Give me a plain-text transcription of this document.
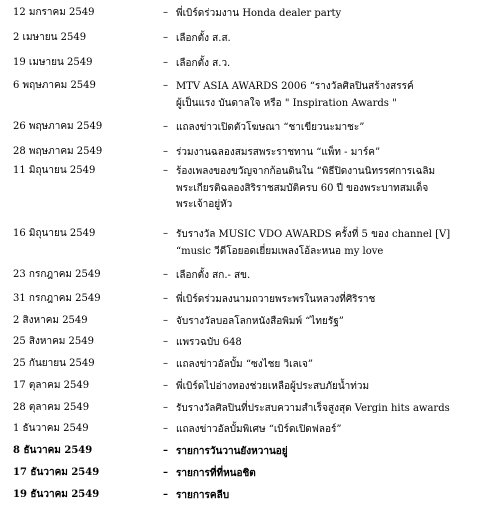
12 มกราคม 2549	– พี่เบิร์ดร่วมงาน Honda dealer party
2 เมษายน 2549	– เลือกตั้ง ส.ส.
19 เมษายน 2549	– เลือกตั้ง ส.ว.
6 พฤษภาคม 2549	– MTV ASIA AWARDS 2006 “รางวัลศิลปินสร้างสรรค์
ผู้เป็นแรง บันดาลใจ หรือ " Inspiration Awards "
26 พฤษภาคม 2549	– แถลงข่าวเปิดตัวโฆษณา “ชาเขียวนะมาชะ”
28 พฤษภาคม 2549	– ร่วมงานฉลองสมรสพระราชทาน “แพ็ท - มาร์ค”
11 มิถุนายน 2549	– ร้องเพลงของขวัญจากก้อนดินใน “พิธีปิดงานนิทรรศการเฉลิม
พระเกียรติฉลองสิริราชสมบัติครบ 60 ปี ของพระบาทสมเด็จ
พระเจ้าอยู่หัว
16 มิถุนายน 2549	– รับรางวัล MUSIC VDO AWARDS ครั้งที่ 5 ของ channel [V]
“music วีดีโอยอดเยี่ยมเพลงโอ้ละหนอ my love
23 กรกฎาคม 2549	– เลือกตั้ง สก.- สข.
31 กรกฎาคม 2549	– พี่เบิร์ดร่วมลงนามถวายพระพรในหลวงที่ศิริราช
2 สิงหาคม 2549	– จับรางวัลบอลโลกหนังสือพิมพ์ “ไทยรัฐ”
25 สิงหาคม 2549	– แพรวฉบับ 648
25 กันยายน 2549	– แถลงข่าวอัลบั้ม “ซงไชย วิเลเจ”
17 ตุลาคม 2549	– พี่เบิร์ดไปอ่างทองช่วยเหลือผู้ประสบภัยน้ำท่วม
28 ตุลาคม 2549	– รับรางวัลศิลปินที่ประสบความสำเร็จสูงสุด Vergin hits awards
1 ธันวาคม 2549	– แถลงข่าวอัลบั้มพิเศษ “เบิร์ดเปิดฟลอร์”
8 ธันวาคม 2549	– รายการวันวานยังหวานอยู่
17 ธันวาคม 2549	– รายการที่ที่หนอชิต
19 ธันวาคม 2549	– รายการคลีบ
